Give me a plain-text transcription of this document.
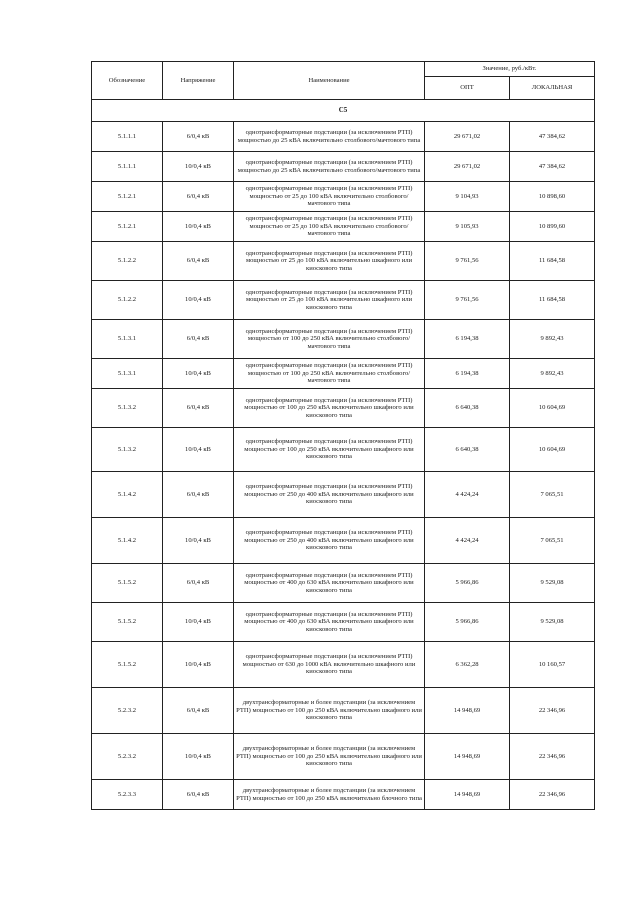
Обозначение	Напряжение	Наименование	Значение, руб./кВт.	
			ОПТ	ЛОКАЛЬНАЯ
С5				
5.1.1.1	6/0,4 кВ	однотрансформаторные подстанции (за исключением РТП) мощностью до 25 кВА включительно столбового/мачтового типа	29 671,02	47 384,62
5.1.1.1	10/0,4 кВ	однотрансформаторные подстанции (за исключением РТП) мощностью до 25 кВА включительно столбового/мачтового типа	29 671,02	47 384,62
5.1.2.1	6/0,4 кВ	однотрансформаторные подстанции (за исключением РТП) мощностью от 25 до 100 кВА включительно столбового/мачтового типа	9 104,93	10 898,60
5.1.2.1	10/0,4 кВ	однотрансформаторные подстанции (за исключением РТП) мощностью от 25 до 100 кВА включительно столбового/мачтового типа	9 105,93	10 899,60
5.1.2.2	6/0,4 кВ	однотрансформаторные подстанции (за исключением РТП) мощностью от 25 до 100 кВА включительно шкафного или киоскового типа	9 761,56	11 684,58
5.1.2.2	10/0,4 кВ	однотрансформаторные подстанции (за исключением РТП) мощностью от 25 до 100 кВА включительно шкафного или киоскового типа	9 761,56	11 684,58
5.1.3.1	6/0,4 кВ	однотрансформаторные подстанции (за исключением РТП) мощностью от 100 до 250 кВА включительно столбового/мачтового типа	6 194,38	9 892,43
5.1.3.1	10/0,4 кВ	однотрансформаторные подстанции (за исключением РТП) мощностью от 100 до 250 кВА включительно столбового/мачтового типа	6 194,38	9 892,43
5.1.3.2	6/0,4 кВ	однотрансформаторные подстанции (за исключением РТП) мощностью от 100 до 250 кВА включительно шкафного или киоскового типа	6 640,38	10 604,69
5.1.3.2	10/0,4 кВ	однотрансформаторные подстанции (за исключением РТП) мощностью от 100 до 250 кВА включительно шкафного или киоскового типа	6 640,38	10 604,69
5.1.4.2	6/0,4 кВ	однотрансформаторные подстанции (за исключением РТП) мощностью от 250 до 400 кВА включительно шкафного или киоскового типа	4 424,24	7 065,51
5.1.4.2	10/0,4 кВ	однотрансформаторные подстанции (за исключением РТП) мощностью от 250 до 400 кВА включительно шкафного или киоскового типа	4 424,24	7 065,51
5.1.5.2	6/0,4 кВ	однотрансформаторные подстанции (за исключением РТП) мощностью от 400 до 630 кВА включительно шкафного или киоскового типа	5 966,86	9 529,08
5.1.5.2	10/0,4 кВ	однотрансформаторные подстанции (за исключением РТП) мощностью от 400 до 630 кВА включительно шкафного или киоскового типа	5 966,86	9 529,08
5.1.5.2	10/0,4 кВ	однотрансформаторные подстанции (за исключением РТП) мощностью от 630 до 1000 кВА включительно шкафного или киоскового типа	6 362,28	10 160,57
5.2.3.2	6/0,4 кВ	двухтрансформаторные и более подстанции (за исключением РТП) мощностью от 100 до 250 кВА включительно шкафного или киоскового типа	14 948,69	22 346,96
5.2.3.2	10/0,4 кВ	двухтрансформаторные и более подстанции (за исключением РТП) мощностью от 100 до 250 кВА включительно шкафного или киоскового типа	14 948,69	22 346,96
5.2.3.3	6/0,4 кВ	двухтрансформаторные и более подстанции (за исключением РТП) мощностью от 100 до 250 кВА включительно блочного типа	14 948,69	22 346,96
